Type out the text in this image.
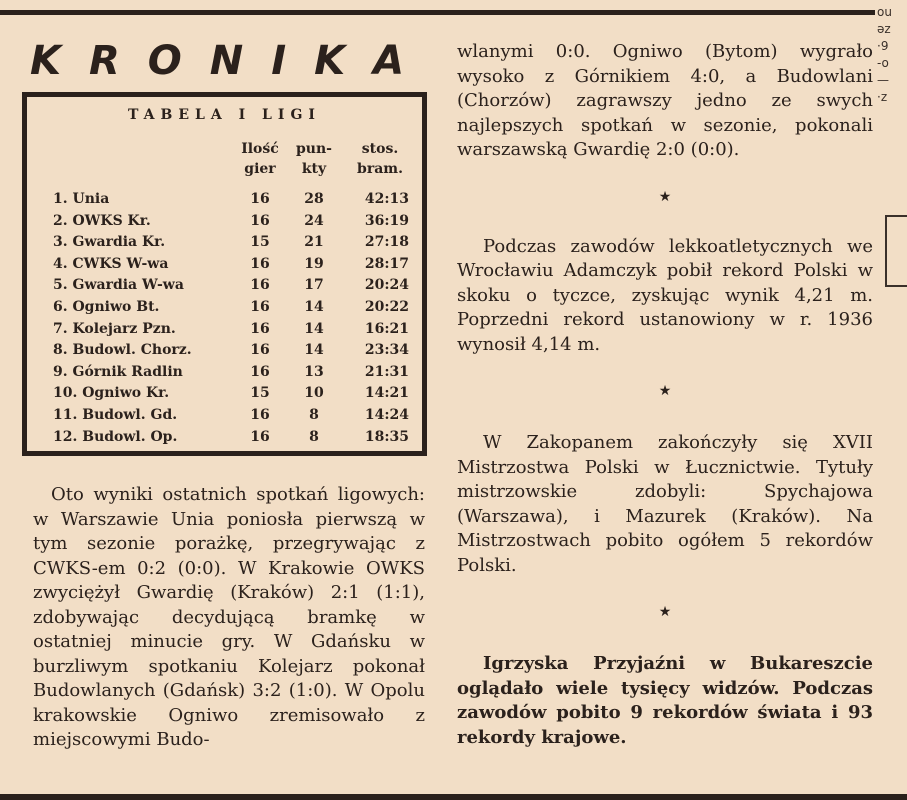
ou
əz
·9
-o
—
·z
KRONIKA
TABELA I LIGI
Ilość
gier
pun-
kty
stos.
bram.
1. Unia	16 28	42:13
2. OWKS Kr.	16 24	36:19
3. Gwardia Kr.	15 21	27:18
4. CWKS W-wa	16 19	28:17
5. Gwardia W-wa	16 17	20:24
6. Ogniwo Bt.	16 14	20:22
7. Kolejarz Pzn.	16 14	16:21
8. Budowl. Chorz.	16 14	23:34
9. Górnik Radlin	16 13	21:31
10. Ogniwo Kr.	15 10	14:21
11. Budowl. Gd.	16	8	14:24
12. Budowl. Op.	16	8	18:35

Oto wyniki ostatnich spotkań ligowych: w Warszawie Unia poniosła pierwszą w tym sezonie porażkę, przegrywając z CWKS-em 0:2 (0:0). W Krakowie OWKS zwyciężył Gwardię (Kraków) 2:1 (1:1), zdobywając decydującą bramkę w ostatniej minucie gry. W Gdańsku w burzliwym spotkaniu Kolejarz pokonał Budowlanych (Gdańsk) 3:2 (1:0). W Opolu krakowskie Ogniwo zremisowało z miejscowymi Budo-

wlanymi 0:0. Ogniwo (Bytom) wygrało wysoko z Górnikiem 4:0, a Budowlani (Chorzów) zagrawszy jedno ze swych najlepszych spotkań w sezonie, pokonali warszawską Gwardię 2:0 (0:0).

★

Podczas zawodów lekkoatletycznych we Wrocławiu Adamczyk pobił rekord Polski w skoku o tyczce, zyskując wynik 4,21 m. Poprzedni rekord ustanowiony w r. 1936 wynosił 4,14 m.

★

W Zakopanem zakończyły się XVII Mistrzostwa Polski w Łucznictwie. Tytuły mistrzowskie zdobyli: Spychajowa (Warszawa), i Mazurek (Kraków). Na Mistrzostwach pobito ogółem 5 rekordów Polski.

★

Igrzyska Przyjaźni w Bukareszcie oglądało wiele tysięcy widzów. Podczas zawodów pobito 9 rekordów świata i 93 rekordy krajowe.
